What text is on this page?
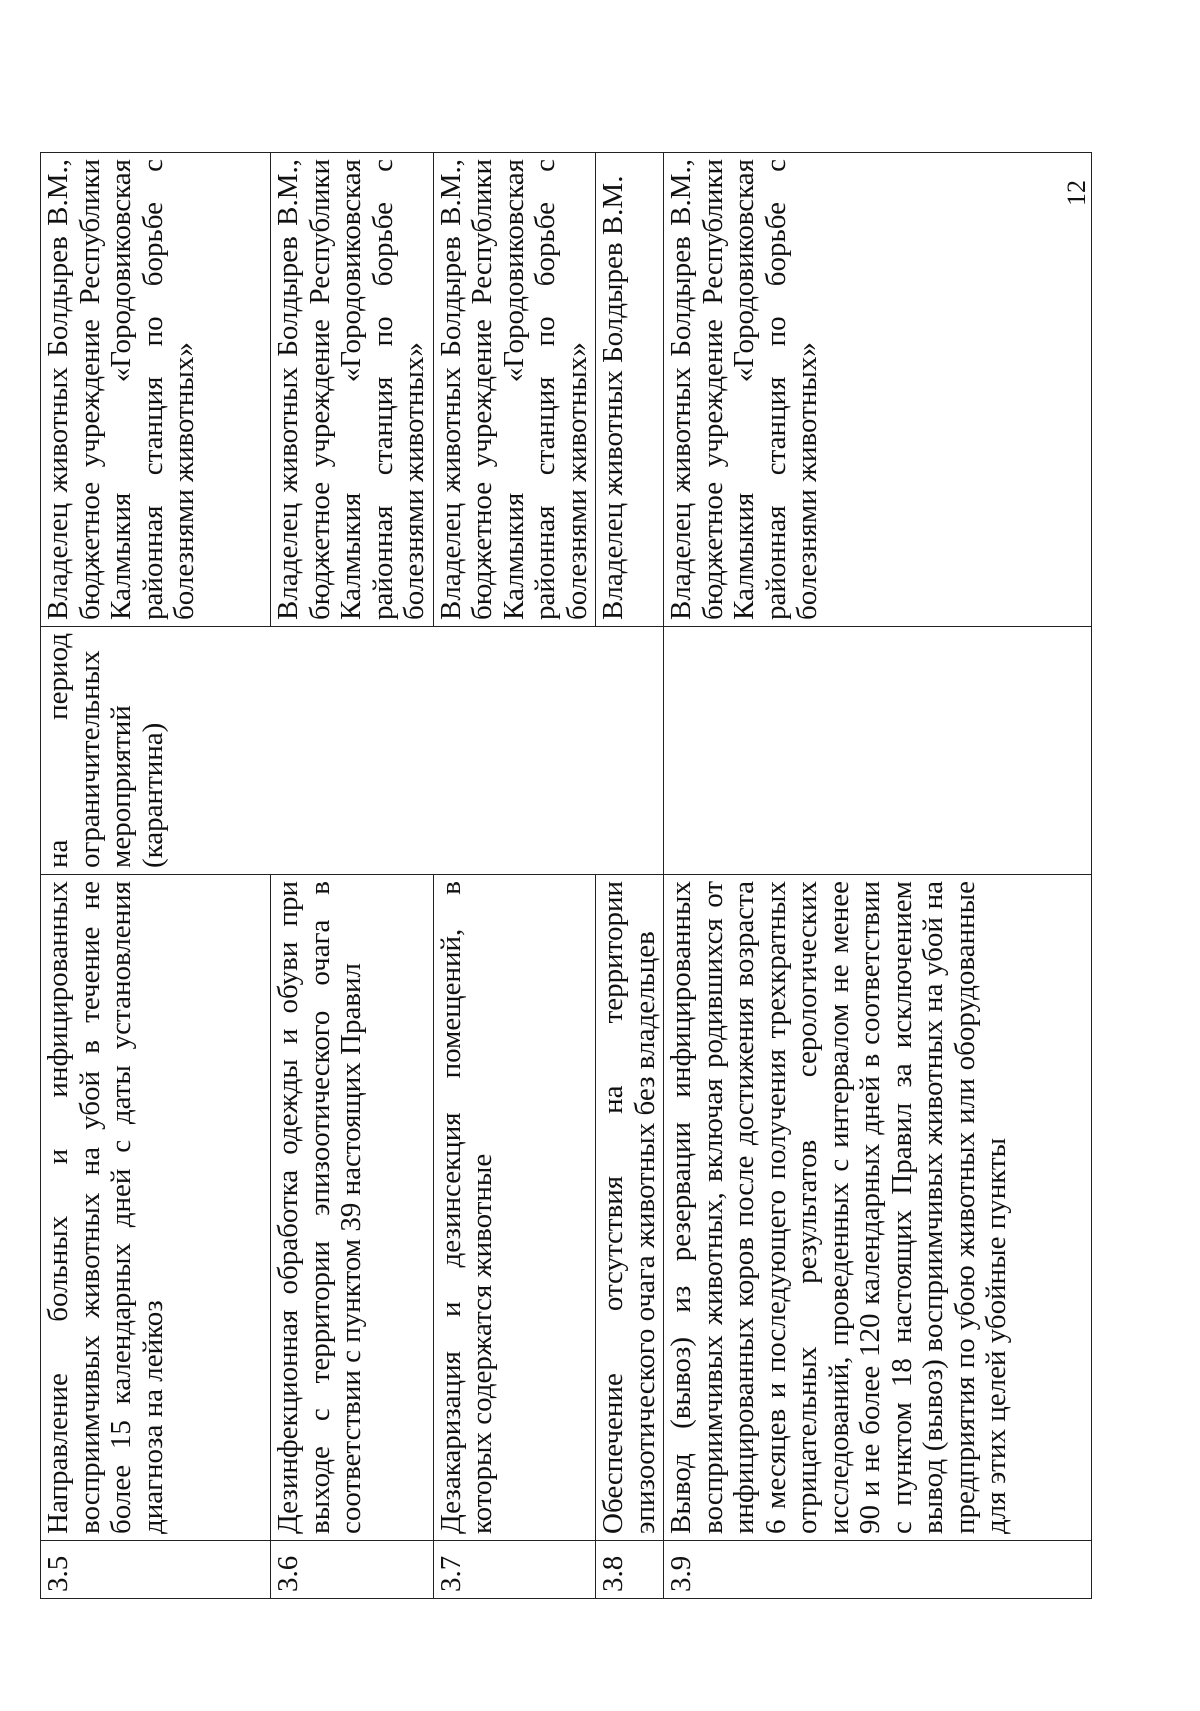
3.5	Направление больных и инфицированных восприимчивых животных на убой в течение не более 15 календарных дней с даты установления диагноза на лейкоз	на период ограничительных мероприятий (карантина)	Владелец животных Болдырев В.М., бюджетное учреждение Республики Калмыкия «Городовиковская районная станция по борьбе с болезнями животных»
3.6	Дезинфекционная обработка одежды и обуви при выходе с территории эпизоотического очага в соответствии с пунктом 39 настоящих Правил		Владелец животных Болдырев В.М., бюджетное учреждение Республики Калмыкия «Городовиковская районная станция по борьбе с болезнями животных»
3.7	Дезакаризация и дезинсекция помещений, в которых содержатся животные		Владелец животных Болдырев В.М., бюджетное учреждение Республики Калмыкия «Городовиковская районная станция по борьбе с болезнями животных»
3.8	Обеспечение отсутствия на территории эпизоотического очага животных без владельцев		Владелец животных Болдырев В.М.
3.9	Вывод (вывоз) из резервации инфицированных восприимчивых животных, включая родившихся от инфицированных коров после достижения возраста 6 месяцев и последующего получения трехкратных отрицательных результатов серологических исследований, проведенных с интервалом не менее 90 и не более 120 календарных дней в соответствии с пунктом 18 настоящих Правил за исключением вывод (вывоз) восприимчивых животных на убой на предприятия по убою животных или оборудованные для этих целей убойные пункты		Владелец животных Болдырев В.М., бюджетное учреждение Республики Калмыкия «Городовиковская районная станция по борьбе с болезнями животных»
12
